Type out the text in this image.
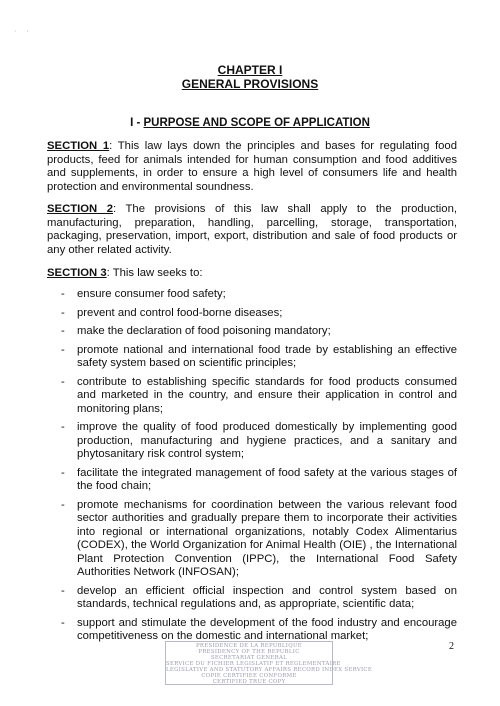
· ·
CHAPTER I
GENERAL PROVISIONS
I - PURPOSE AND SCOPE OF APPLICATION

SECTION 1: This law lays down the principles and bases for regulating food products, feed for animals intended for human consumption and food additives and supplements, in order to ensure a high level of consumers life and health protection and environmental soundness.

SECTION 2: The provisions of this law shall apply to the production, manufacturing, preparation, handling, parcelling, storage, transportation, packaging, preservation, import, export, distribution and sale of food products or any other related activity.

SECTION 3: This law seeks to:

- ensure consumer food safety;
- prevent and control food-borne diseases;
- make the declaration of food poisoning mandatory;
- promote national and international food trade by establishing an effective safety system based on scientific principles;
- contribute to establishing specific standards for food products consumed and marketed in the country, and ensure their application in control and monitoring plans;
- improve the quality of food produced domestically by implementing good production, manufacturing and hygiene practices, and a sanitary and phytosanitary risk control system;
- facilitate the integrated management of food safety at the various stages of the food chain;
- promote mechanisms for coordination between the various relevant food sector authorities and gradually prepare them to incorporate their activities into regional or international organizations, notably Codex Alimentarius (CODEX), the World Organization for Animal Health (OIE) , the International Plant Protection Convention (IPPC), the International Food Safety Authorities Network (INFOSAN);
- develop an efficient official inspection and control system based on standards, technical regulations and, as appropriate, scientific data;
- support and stimulate the development of the food industry and encourage competitiveness on the domestic and international market;
PRESIDENCE DE LA REPUBLIQUE
PRESIDENCY OF THE REPUBLIC
SECRETARIAT GENERAL
SERVICE DU FICHIER LEGISLATIF ET REGLEMENTAIRE
LEGISLATIVE AND STATUTORY AFFAIRS RECORD INDEX SERVICE
COPIE CERTIFIEE CONFORME
CERTIFIED TRUE COPY
2
